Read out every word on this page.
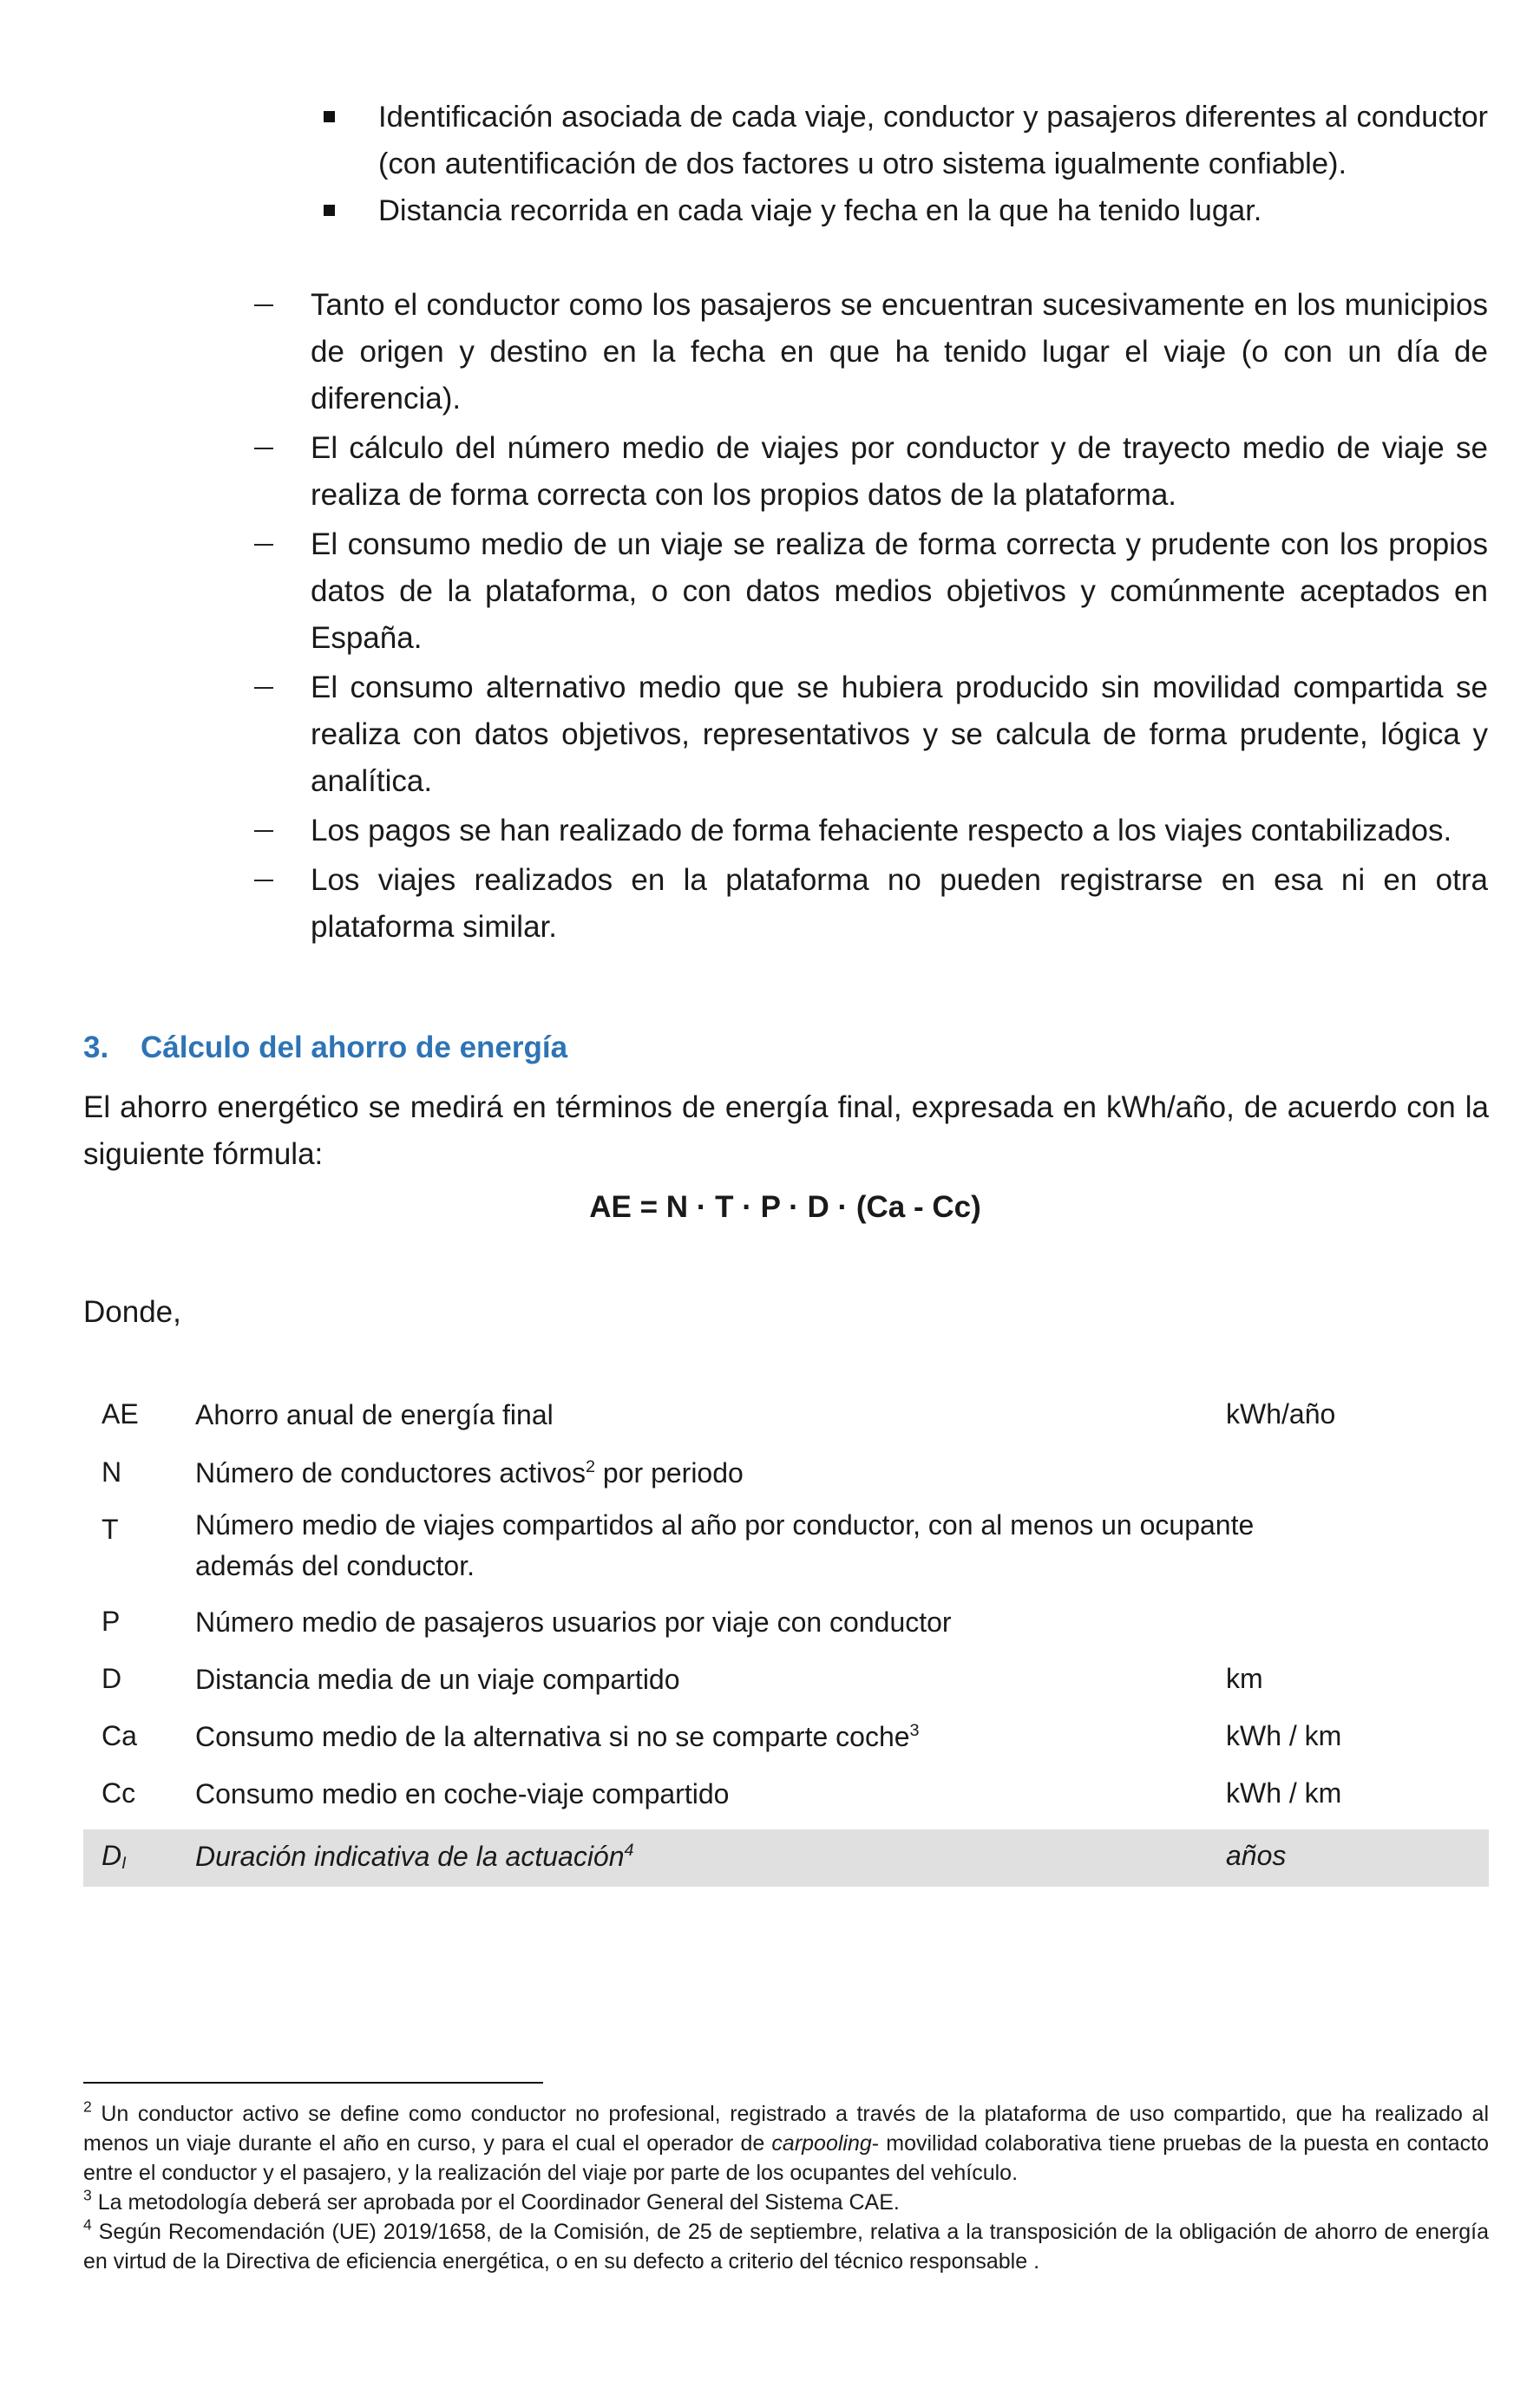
Identificación asociada de cada viaje, conductor y pasajeros diferentes al conductor (con autentificación de dos factores u otro sistema igualmente confiable).

Distancia recorrida en cada viaje y fecha en la que ha tenido lugar.

Tanto el conductor como los pasajeros se encuentran sucesivamente en los municipios de origen y destino en la fecha en que ha tenido lugar el viaje (o con un día de diferencia).

El cálculo del número medio de viajes por conductor y de trayecto medio de viaje se realiza de forma correcta con los propios datos de la plataforma.

El consumo medio de un viaje se realiza de forma correcta y prudente con los propios datos de la plataforma, o con datos medios objetivos y comúnmente aceptados en España.

El consumo alternativo medio que se hubiera producido sin movilidad compartida se realiza con datos objetivos, representativos y se calcula de forma prudente, lógica y analítica.

Los pagos se han realizado de forma fehaciente respecto a los viajes contabilizados.

Los viajes realizados en la plataforma no pueden registrarse en esa ni en otra plataforma similar.

3. Cálculo del ahorro de energía

El ahorro energético se medirá en términos de energía final, expresada en kWh/año, de acuerdo con la siguiente fórmula:

AE = N · T · P · D · (Ca - Cc)
Donde,
AE Ahorro anual de energía final	kWh/año
N	Número de conductores activos$^2$ por periodo
T	Número medio de viajes compartidos al año por conductor, con al menos un ocupante además del conductor.
P	Número medio de pasajeros usuarios por viaje con conductor
D	Distancia media de un viaje compartido	km
Ca Consumo medio de la alternativa si no se comparte coche$^3$	kWh / km
Cc Consumo medio en coche-viaje compartido	kWh / km
$D_I$ Duración indicativa de la actuación$^4$	años

$^2$ Un conductor activo se define como conductor no profesional, registrado a través de la plataforma de uso compartido, que ha realizado al menos un viaje durante el año en curso, y para el cual el operador de carpooling- movilidad colaborativa tiene pruebas de la puesta en contacto entre el conductor y el pasajero, y la realización del viaje por parte de los ocupantes del vehículo.

$^3$ La metodología deberá ser aprobada por el Coordinador General del Sistema CAE.

$^4$ Según Recomendación (UE) 2019/1658, de la Comisión, de 25 de septiembre, relativa a la transposición de la obligación de ahorro de energía en virtud de la Directiva de eficiencia energética, o en su defecto a criterio del técnico responsable .
